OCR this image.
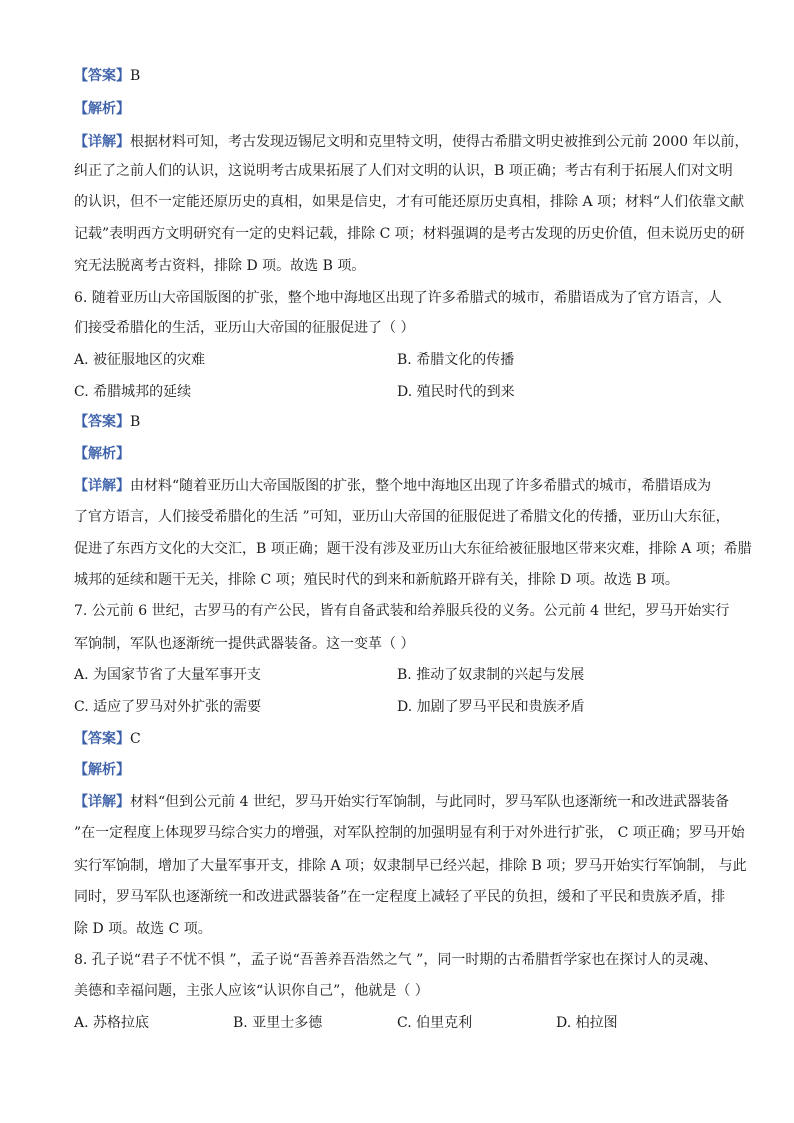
【答案】B
【解析】
【详解】根据材料可知，考古发现迈锡尼文明和克里特文明，使得古希腊文明史被推到公元前 2000 年以前，
纠正了之前人们的认识，这说明考古成果拓展了人们对文明的认识，B 项正确；考古有利于拓展人们对文明
的认识，但不一定能还原历史的真相，如果是信史，才有可能还原历史真相，排除 A 项；材料“人们依靠文献
记载”表明西方文明研究有一定的史料记载，排除 C 项；材料强调的是考古发现的历史价值，但未说历史的研
究无法脱离考古资料，排除 D 项。故选 B 项。
6. 随着亚历山大帝国版图的扩张，整个地中海地区出现了许多希腊式的城市，希腊语成为了官方语言，人
们接受希腊化的生活，亚历山大帝国的征服促进了（ ）
A. 被征服地区的灾难	B. 希腊文化的传播
C. 希腊城邦的延续	D. 殖民时代的到来
【答案】B
【解析】
【详解】由材料“随着亚历山大帝国版图的扩张，整个地中海地区出现了许多希腊式的城市，希腊语成为
了官方语言，人们接受希腊化的生活 ”可知，亚历山大帝国的征服促进了希腊文化的传播，亚历山大东征，
促进了东西方文化的大交汇，B 项正确；题干没有涉及亚历山大东征给被征服地区带来灾难，排除 A 项；希腊
城邦的延续和题干无关，排除 C 项；殖民时代的到来和新航路开辟有关，排除 D 项。故选 B 项。
7. 公元前 6 世纪，古罗马的有产公民，皆有自备武装和给养服兵役的义务。公元前 4 世纪，罗马开始实行
军饷制，军队也逐渐统一提供武器装备。这一变革（ ）
A. 为国家节省了大量军事开支	B. 推动了奴隶制的兴起与发展
C. 适应了罗马对外扩张的需要	D. 加剧了罗马平民和贵族矛盾
【答案】C
【解析】
【详解】材料“但到公元前 4 世纪，罗马开始实行军饷制，与此同时，罗马军队也逐渐统一和改进武器装备
”在一定程度上体现罗马综合实力的增强，对军队控制的加强明显有利于对外进行扩张， C 项正确；罗马开始
实行军饷制，增加了大量军事开支，排除 A 项；奴隶制早已经兴起，排除 B 项；罗马开始实行军饷制， 与此
同时，罗马军队也逐渐统一和改进武器装备”在一定程度上减轻了平民的负担，缓和了平民和贵族矛盾，排
除 D 项。故选 C 项。
8. 孔子说“君子不忧不惧 ”，孟子说“吾善养吾浩然之气 ”，同一时期的古希腊哲学家也在探讨人的灵魂、
美德和幸福问题，主张人应该“认识你自己”，他就是（ ）
A. 苏格拉底	B. 亚里士多德	C. 伯里克利	D. 柏拉图
